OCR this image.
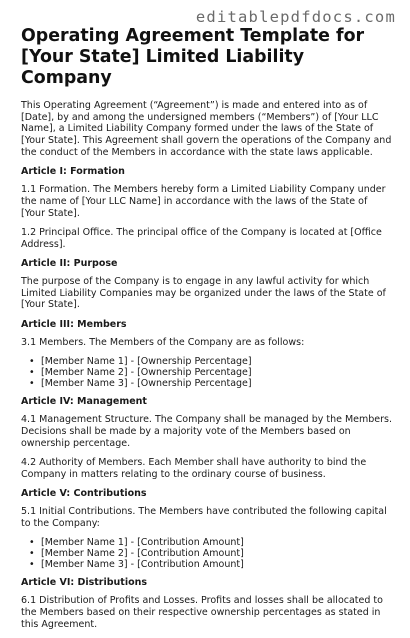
editablepdfdocs.com
Operating Agreement Template for [Your State] Limited Liability Company

This Operating Agreement (“Agreement”) is made and entered into as of [Date], by and among the undersigned members (“Members”) of [Your LLC Name], a Limited Liability Company formed under the laws of the State of [Your State]. This Agreement shall govern the operations of the Company and the conduct of the Members in accordance with the state laws applicable.

Article I: Formation

1.1 Formation. The Members hereby form a Limited Liability Company under the name of [Your LLC Name] in accordance with the laws of the State of [Your State].

1.2 Principal Office. The principal office of the Company is located at [Office Address].

Article II: Purpose

The purpose of the Company is to engage in any lawful activity for which Limited Liability Companies may be organized under the laws of the State of [Your State].

Article III: Members

3.1 Members. The Members of the Company are as follows:

• [Member Name 1] - [Ownership Percentage]
• [Member Name 2] - [Ownership Percentage]
• [Member Name 3] - [Ownership Percentage]
Article IV: Management

4.1 Management Structure. The Company shall be managed by the Members. Decisions shall be made by a majority vote of the Members based on ownership percentage.

4.2 Authority of Members. Each Member shall have authority to bind the Company in matters relating to the ordinary course of business.

Article V: Contributions

5.1 Initial Contributions. The Members have contributed the following capital to the Company:

• [Member Name 1] - [Contribution Amount]
• [Member Name 2] - [Contribution Amount]
• [Member Name 3] - [Contribution Amount]
Article VI: Distributions

6.1 Distribution of Profits and Losses. Profits and losses shall be allocated to the Members based on their respective ownership percentages as stated in this Agreement.
